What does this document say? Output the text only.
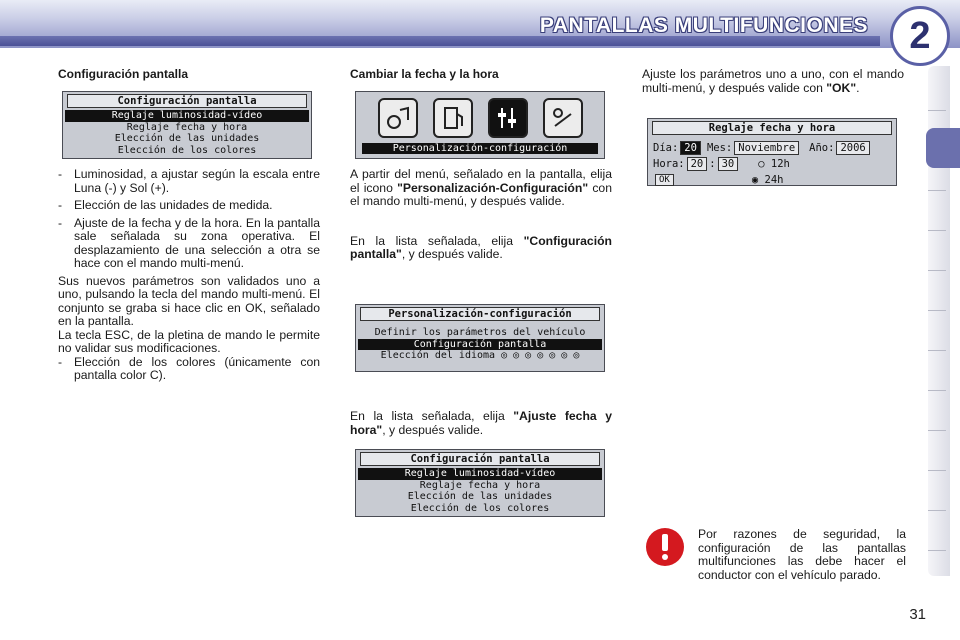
PANTALLAS MULTIFUNCIONES	2
Configuración pantalla
Configuración pantalla
Reglaje luminosidad-vídeo
Reglaje fecha y hora
Elección de las unidades
Elección de los colores
- Luminosidad, a ajustar según la escala entre Luna (-) y Sol (+).
- Elección de las unidades de medida.
- Ajuste de la fecha y de la hora. En la pantalla sale señalada su zona operativa. El desplazamiento de una selección a otra se hace con el mando multi-menú.
Sus nuevos parámetros son validados uno a uno, pulsando la tecla del mando multi-menú. El conjunto se graba si hace clic en OK, señalado en la pantalla.
La tecla ESC, de la pletina de mando le permite no validar sus modificaciones.
- Elección de los colores (únicamente con pantalla color C).
Cambiar la fecha y la hora
Personalización-configuración
A partir del menú, señalado en la pantalla, elija el icono "Personalización-Configuración" con el mando multi-menú, y después valide.
En la lista señalada, elija "Configuración pantalla", y después valide.
Personalización-configuración
Definir los parámetros del vehículo
Configuración pantalla
Elección del idioma ◎ ◎ ◎ ◎ ◎ ◎ ◎
En la lista señalada, elija "Ajuste fecha y hora", y después valide.
Configuración pantalla
Reglaje luminosidad-vídeo
Reglaje fecha y hora
Elección de las unidades
Elección de los colores
Ajuste los parámetros uno a uno, con el mando multi-menú, y después valide con "OK".
Reglaje fecha y hora
Día: 20 Mes: Noviembre	Año: 2006
Hora: 20 : 30	○ 12h
OK	◉ 24h
Por razones de seguridad, la configuración de las pantallas multifunciones las debe hacer el conductor con el vehículo parado.
31
